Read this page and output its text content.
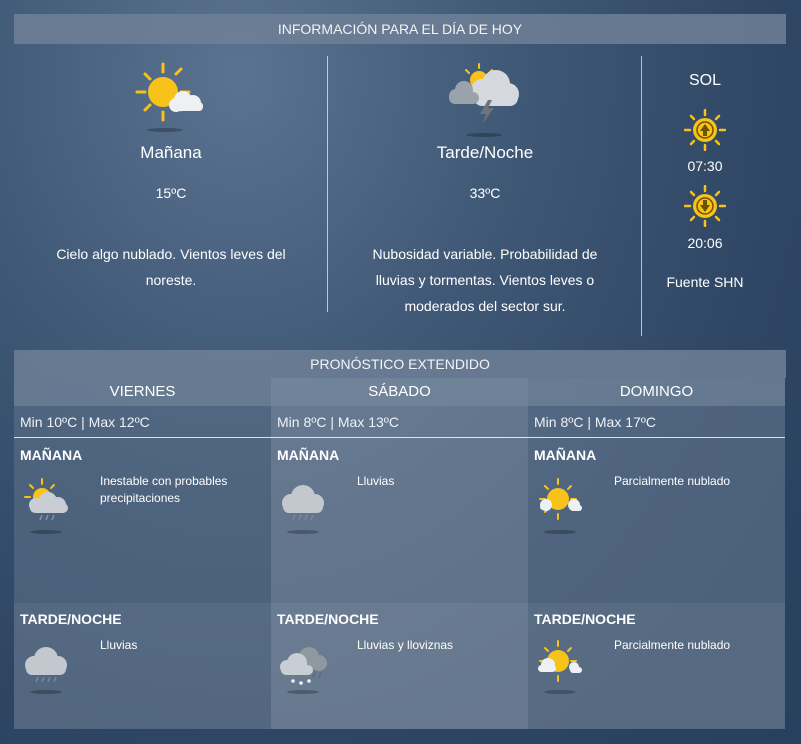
INFORMACIÓN PARA EL DÍA DE HOY
Mañana
15ºC
Cielo algo nublado. Vientos leves del
noreste.
Tarde/Noche
33ºC
Nubosidad variable. Probabilidad de
lluvias y tormentas. Vientos leves o
moderados del sector sur.
SOL
07:30
20:06
Fuente SHN
PRONÓSTICO EXTENDIDO
VIERNES
Min 10ºC | Max 12ºC
MAÑANA
Inestable con probables precipitaciones
TARDE/NOCHE
Lluvias
SÁBADO
Min 8ºC | Max 13ºC
MAÑANA
Lluvias
TARDE/NOCHE
Lluvias y lloviznas
DOMINGO
Min 8ºC | Max 17ºC
MAÑANA
Parcialmente nublado
TARDE/NOCHE
Parcialmente nublado
